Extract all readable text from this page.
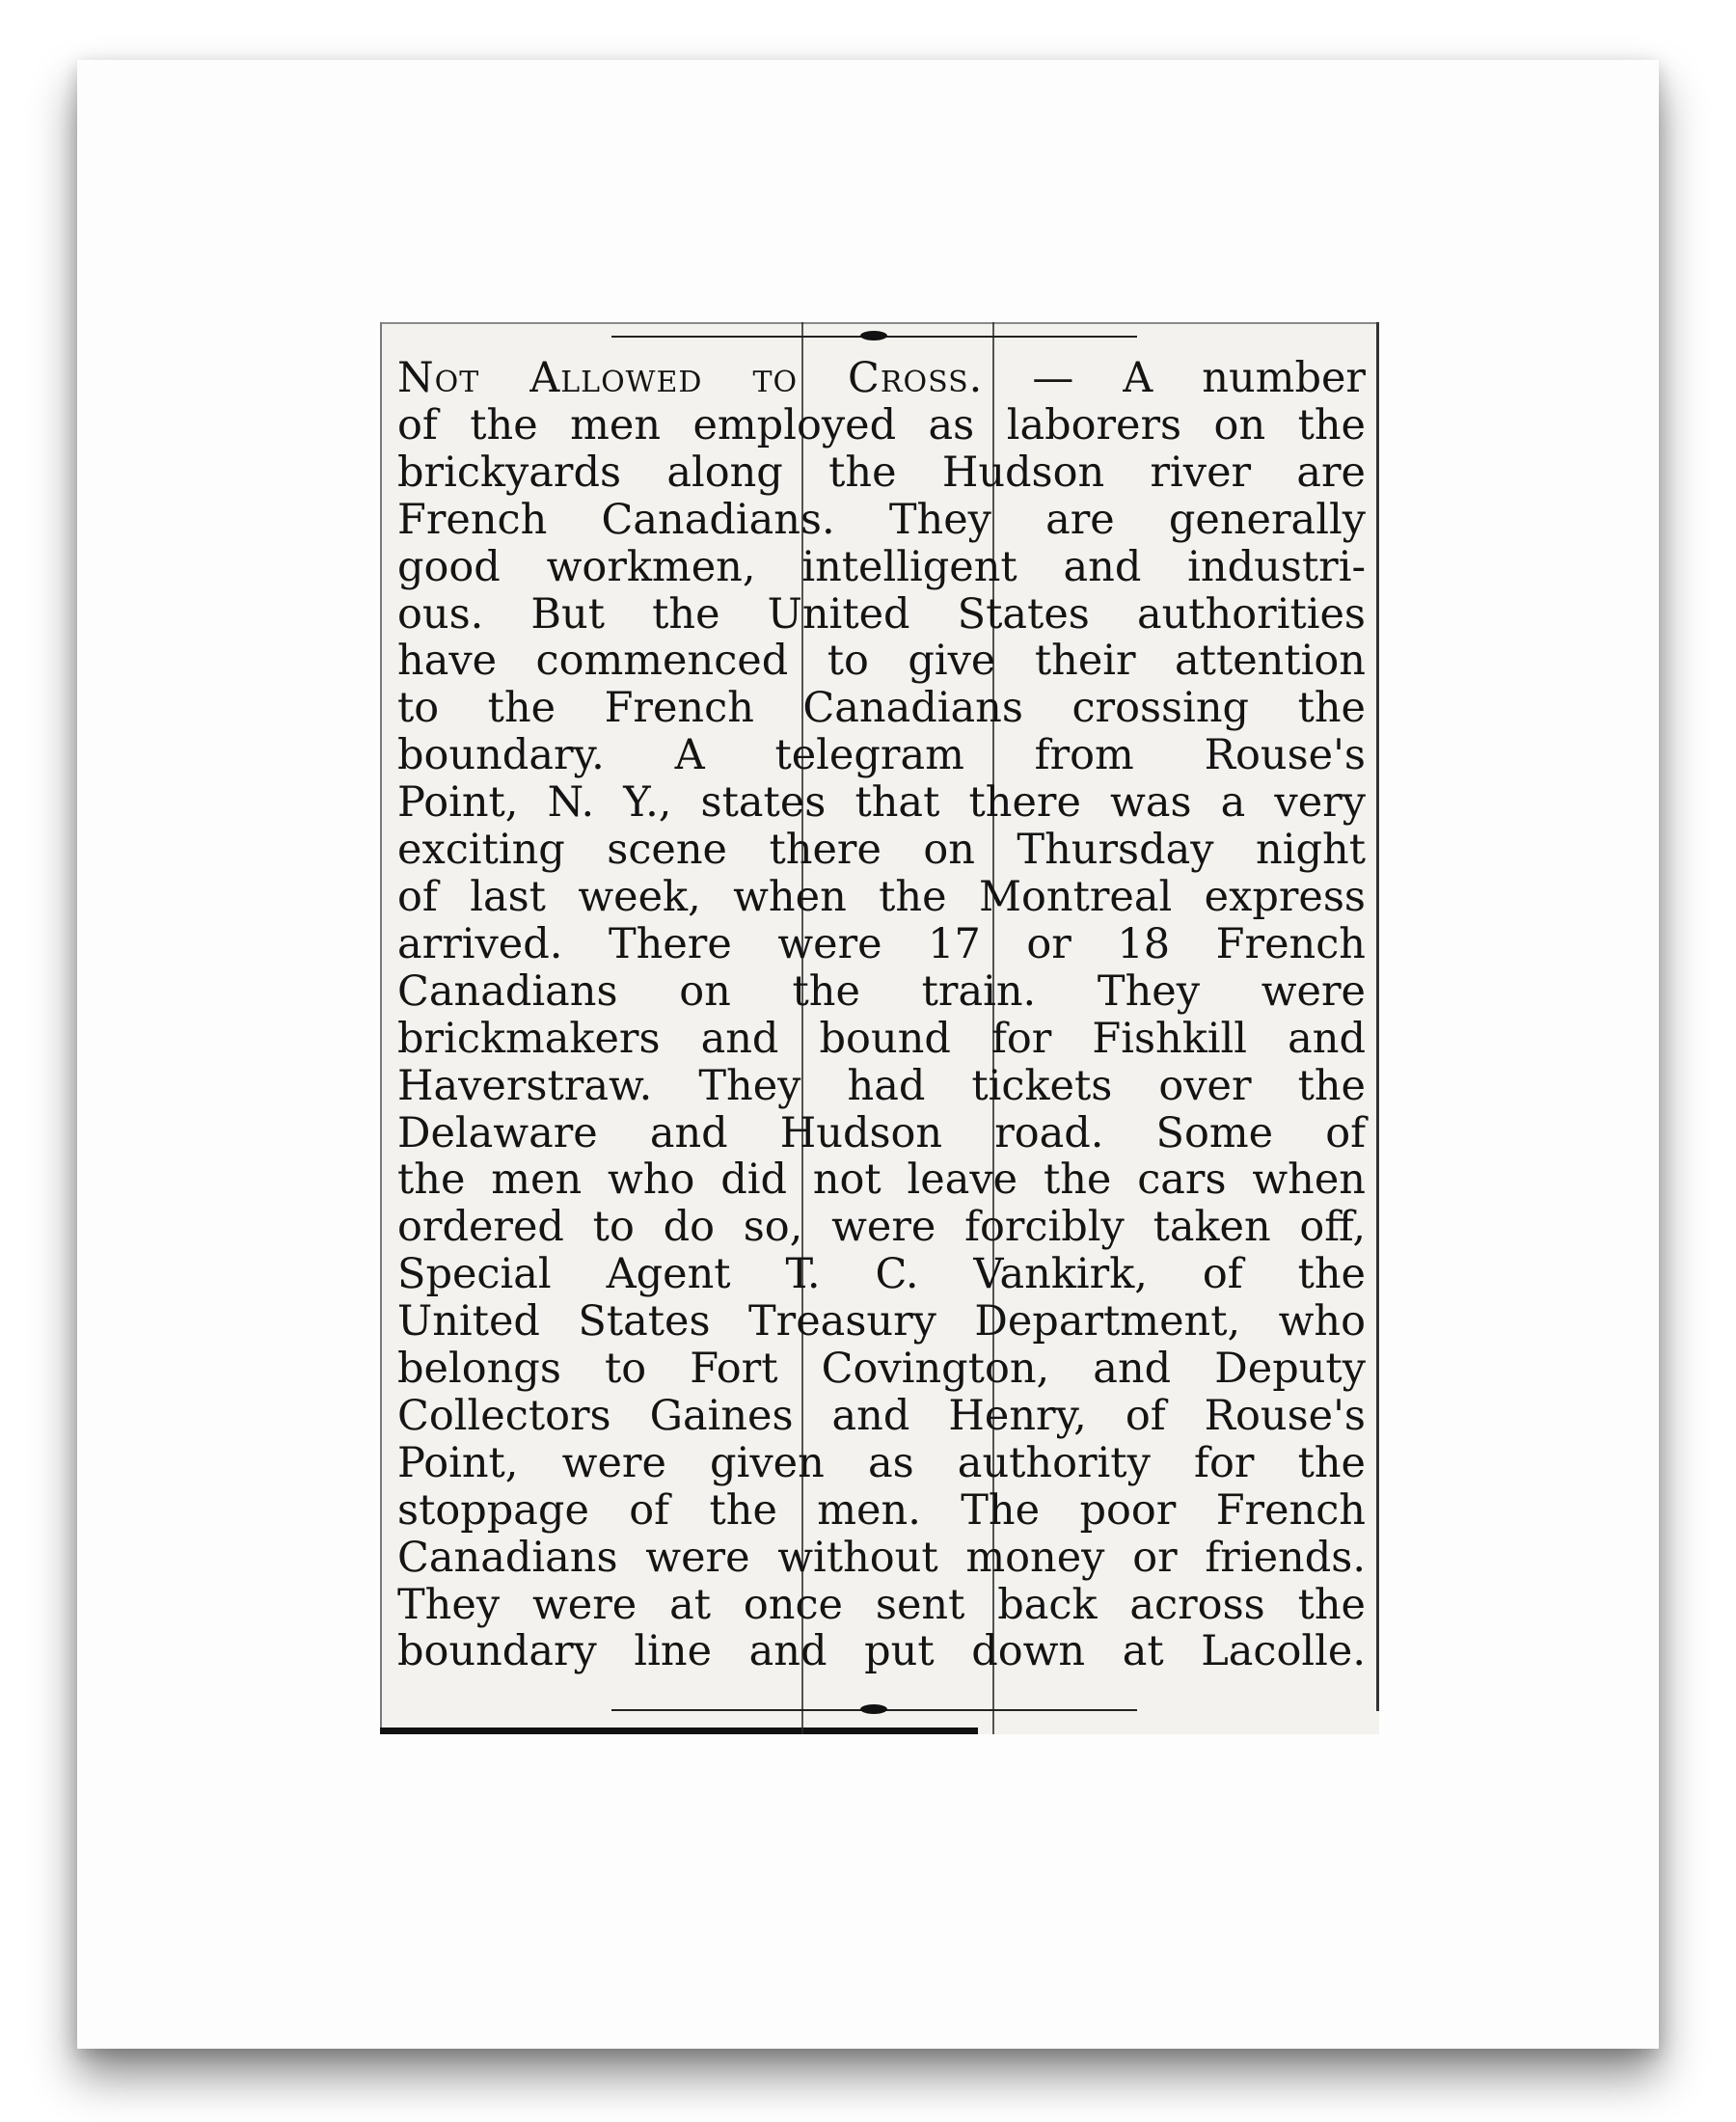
Not Allowed to Cross. — A number
of the men employed as laborers on the
brickyards along the Hudson river are
French Canadians. They are generally
good workmen, intelligent and industri-
ous. But the United States authorities
have commenced to give their attention
to the French Canadians crossing the
boundary. A telegram from Rouse's
Point, N. Y., states that there was a very
exciting scene there on Thursday night
of last week, when the Montreal express
arrived. There were 17 or 18 French
Canadians on the train. They were
brickmakers and bound for Fishkill and
Haverstraw. They had tickets over the
Delaware and Hudson road. Some of
the men who did not leave the cars when
ordered to do so, were forcibly taken off,
Special Agent T. C. Vankirk, of the
United States Treasury Department, who
belongs to Fort Covington, and Deputy
Collectors Gaines and Henry, of Rouse's
Point, were given as authority for the
stoppage of the men. The poor French
Canadians were without money or friends.
They were at once sent back across the
boundary line and put down at Lacolle.
